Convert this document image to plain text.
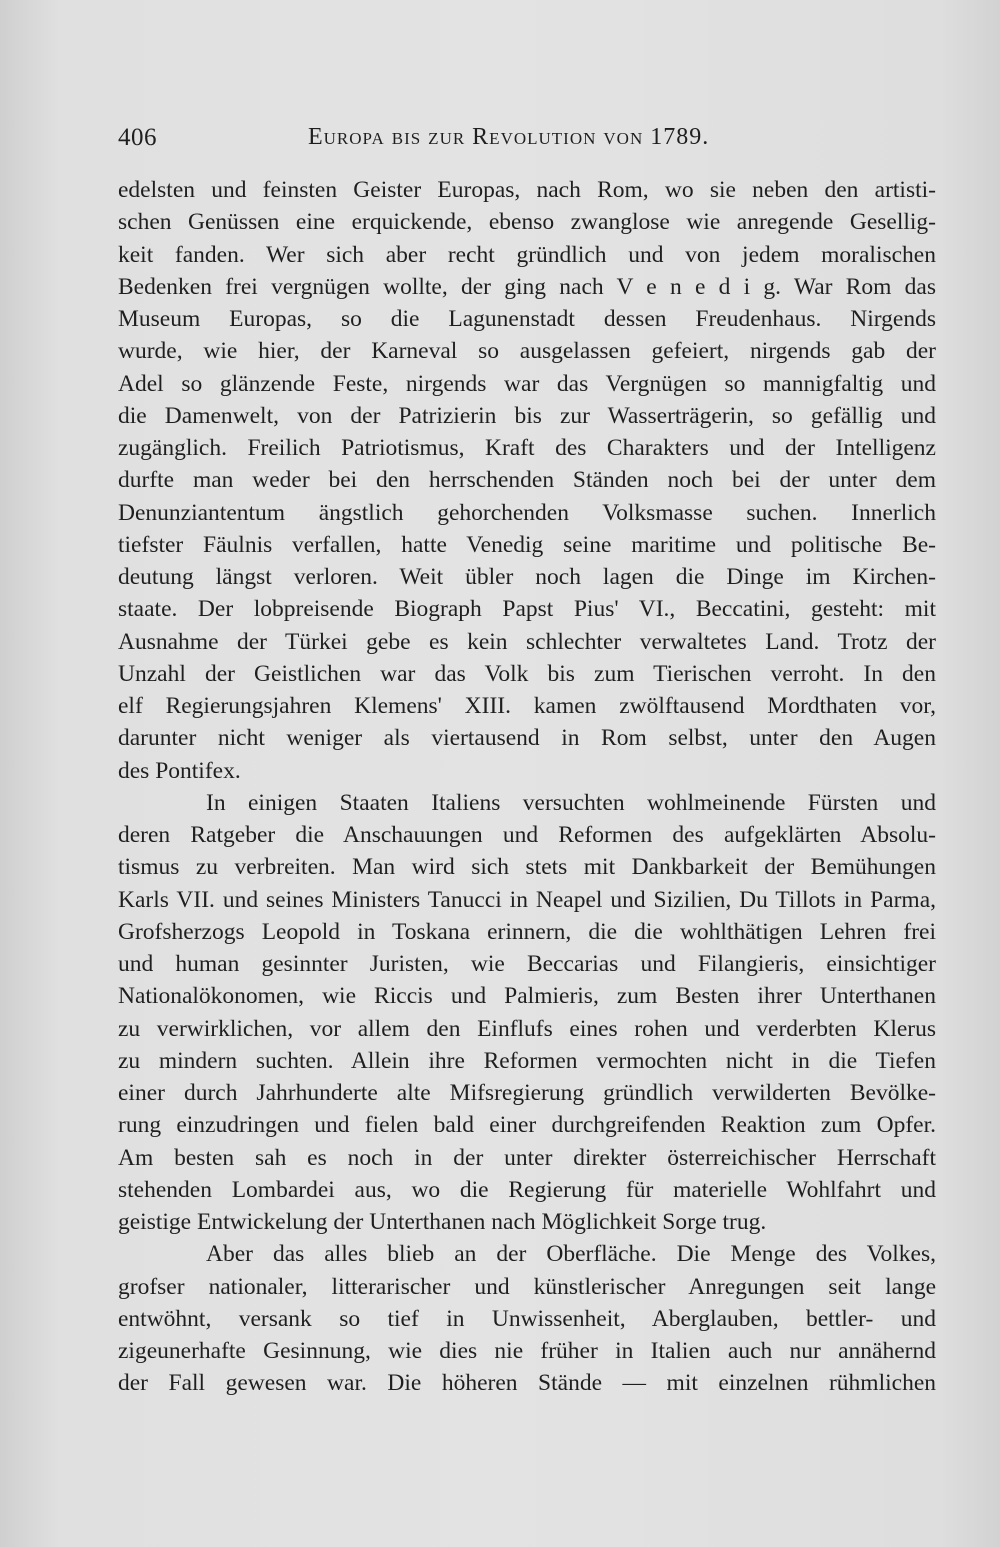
406	Europa bis zur Revolution von 1789.
edelsten und feinsten Geister Europas, nach Rom, wo sie neben den artisti-
schen Genüssen eine erquickende, ebenso zwanglose wie anregende Gesellig-
keit fanden. Wer sich aber recht gründlich und von jedem moralischen
Bedenken frei vergnügen wollte, der ging nach V e n e d i g. War Rom das
Museum Europas, so die Lagunenstadt dessen Freudenhaus. Nirgends
wurde, wie hier, der Karneval so ausgelassen gefeiert, nirgends gab der
Adel so glänzende Feste, nirgends war das Vergnügen so mannigfaltig und
die Damenwelt, von der Patrizierin bis zur Wasserträgerin, so gefällig und
zugänglich. Freilich Patriotismus, Kraft des Charakters und der Intelligenz
durfte man weder bei den herrschenden Ständen noch bei der unter dem
Denunziantentum ängstlich gehorchenden Volksmasse suchen. Innerlich
tiefster Fäulnis verfallen, hatte Venedig seine maritime und politische Be-
deutung längst verloren. Weit übler noch lagen die Dinge im Kirchen-
staate. Der lobpreisende Biograph Papst Pius' VI., Beccatini, gesteht: mit
Ausnahme der Türkei gebe es kein schlechter verwaltetes Land. Trotz der
Unzahl der Geistlichen war das Volk bis zum Tierischen verroht. In den
elf Regierungsjahren Klemens' XIII. kamen zwölftausend Mordthaten vor,
darunter nicht weniger als viertausend in Rom selbst, unter den Augen
des Pontifex.
In einigen Staaten Italiens versuchten wohlmeinende Fürsten und
deren Ratgeber die Anschauungen und Reformen des aufgeklärten Absolu-
tismus zu verbreiten. Man wird sich stets mit Dankbarkeit der Bemühungen
Karls VII. und seines Ministers Tanucci in Neapel und Sizilien, Du Tillots in Parma,
Grofsherzogs Leopold in Toskana erinnern, die die wohlthätigen Lehren frei
und human gesinnter Juristen, wie Beccarias und Filangieris, einsichtiger
Nationalökonomen, wie Riccis und Palmieris, zum Besten ihrer Unterthanen
zu verwirklichen, vor allem den Einflufs eines rohen und verderbten Klerus
zu mindern suchten. Allein ihre Reformen vermochten nicht in die Tiefen
einer durch Jahrhunderte alte Mifsregierung gründlich verwilderten Bevölke-
rung einzudringen und fielen bald einer durchgreifenden Reaktion zum Opfer.
Am besten sah es noch in der unter direkter österreichischer Herrschaft
stehenden Lombardei aus, wo die Regierung für materielle Wohlfahrt und
geistige Entwickelung der Unterthanen nach Möglichkeit Sorge trug.
Aber das alles blieb an der Oberfläche. Die Menge des Volkes,
grofser nationaler, litterarischer und künstlerischer Anregungen seit lange
entwöhnt, versank so tief in Unwissenheit, Aberglauben, bettler- und
zigeunerhafte Gesinnung, wie dies nie früher in Italien auch nur annähernd
der Fall gewesen war. Die höheren Stände — mit einzelnen rühmlichen
